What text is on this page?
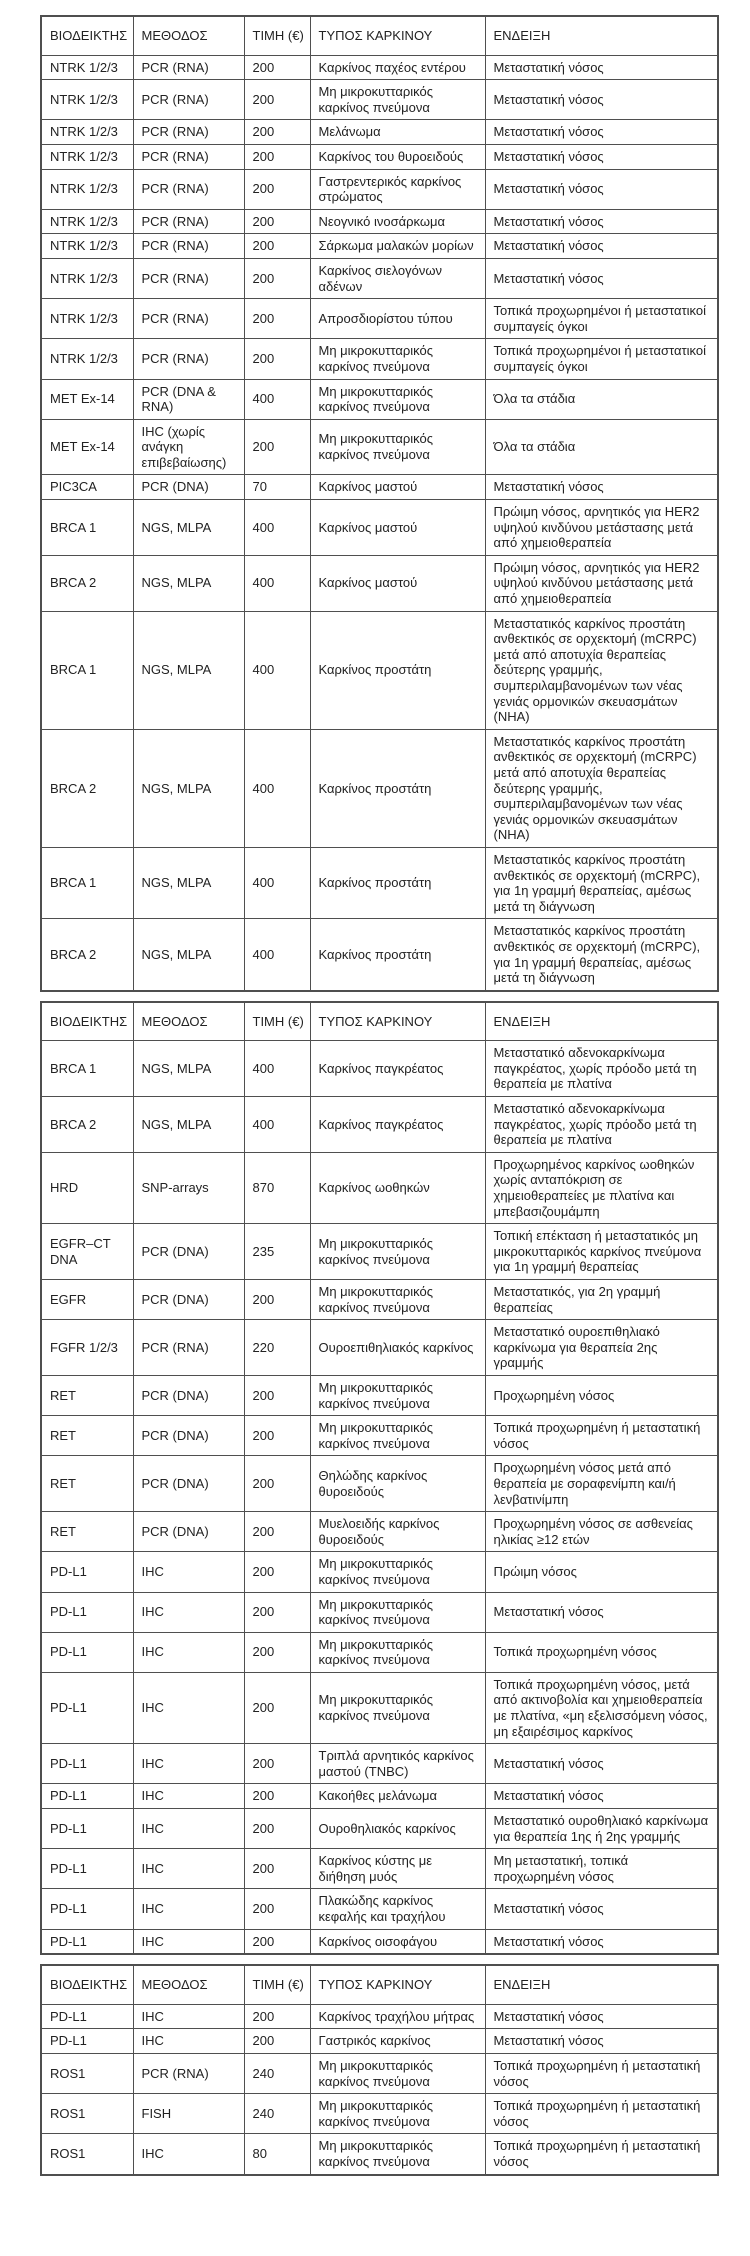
ΒΙΟΔΕΙΚΤΗΣ	ΜΕΘΟΔΟΣ	ΤΙΜΗ (€)	ΤΥΠΟΣ ΚΑΡΚΙΝΟΥ	ΕΝΔΕΙΞΗ
NTRK 1/2/3	PCR (RNA)	200	Καρκίνος παχέος εντέρου	Μεταστατική νόσος
NTRK 1/2/3	PCR (RNA)	200	Μη μικροκυτταρικός καρκίνος πνεύμονα	Μεταστατική νόσος
NTRK 1/2/3	PCR (RNA)	200	Μελάνωμα	Μεταστατική νόσος
NTRK 1/2/3	PCR (RNA)	200	Καρκίνος του θυροειδούς	Μεταστατική νόσος
NTRK 1/2/3	PCR (RNA)	200	Γαστρεντερικός καρκίνος στρώματος	Μεταστατική νόσος
NTRK 1/2/3	PCR (RNA)	200	Νεογνικό ινοσάρκωμα	Μεταστατική νόσος
NTRK 1/2/3	PCR (RNA)	200	Σάρκωμα μαλακών μορίων	Μεταστατική νόσος
NTRK 1/2/3	PCR (RNA)	200	Καρκίνος σιελογόνων αδένων	Μεταστατική νόσος
NTRK 1/2/3	PCR (RNA)	200	Απροσδιορίστου τύπου	Τοπικά προχωρημένοι ή μεταστατικοί συμπαγείς όγκοι
NTRK 1/2/3	PCR (RNA)	200	Μη μικροκυτταρικός καρκίνος πνεύμονα	Τοπικά προχωρημένοι ή μεταστατικοί συμπαγείς όγκοι
MET Ex-14	PCR (DNA & RNA)	400	Μη μικροκυτταρικός καρκίνος πνεύμονα	Όλα τα στάδια
MET Ex-14	IHC (χωρίς ανάγκη επιβεβαίωσης)	200	Μη μικροκυτταρικός καρκίνος πνεύμονα	Όλα τα στάδια
PIC3CA	PCR (DNA)	70	Καρκίνος μαστού	Μεταστατική νόσος
BRCA 1	NGS, MLPA	400	Καρκίνος μαστού	Πρώιμη νόσος, αρνητικός για HER2 υψηλού κινδύνου μετάστασης μετά από χημειοθεραπεία
BRCA 2	NGS, MLPA	400	Καρκίνος μαστού	Πρώιμη νόσος, αρνητικός για HER2 υψηλού κινδύνου μετάστασης μετά από χημειοθεραπεία
BRCA 1	NGS, MLPA	400	Καρκίνος προστάτη	Μεταστατικός καρκίνος προστάτη ανθεκτικός σε ορχεκτομή (mCRPC) μετά από αποτυχία θεραπείας δεύτερης γραμμής, συμπεριλαμβανομένων των νέας γενιάς ορμονικών σκευασμάτων (NHA)
BRCA 2	NGS, MLPA	400	Καρκίνος προστάτη	Μεταστατικός καρκίνος προστάτη ανθεκτικός σε ορχεκτομή (mCRPC) μετά από αποτυχία θεραπείας δεύτερης γραμμής, συμπεριλαμβανομένων των νέας γενιάς ορμονικών σκευασμάτων (NHA)
BRCA 1	NGS, MLPA	400	Καρκίνος προστάτη	Μεταστατικός καρκίνος προστάτη ανθεκτικός σε ορχεκτομή (mCRPC), για 1η γραμμή θεραπείας, αμέσως μετά τη διάγνωση
BRCA 2	NGS, MLPA	400	Καρκίνος προστάτη	Μεταστατικός καρκίνος προστάτη ανθεκτικός σε ορχεκτομή (mCRPC), για 1η γραμμή θεραπείας, αμέσως μετά τη διάγνωση
ΒΙΟΔΕΙΚΤΗΣ	ΜΕΘΟΔΟΣ	ΤΙΜΗ (€)	ΤΥΠΟΣ ΚΑΡΚΙΝΟΥ	ΕΝΔΕΙΞΗ
BRCA 1	NGS, MLPA	400	Καρκίνος παγκρέατος	Μεταστατικό αδενοκαρκίνωμα παγκρέατος, χωρίς πρόοδο μετά τη θεραπεία με πλατίνα
BRCA 2	NGS, MLPA	400	Καρκίνος παγκρέατος	Μεταστατικό αδενοκαρκίνωμα παγκρέατος, χωρίς πρόοδο μετά τη θεραπεία με πλατίνα
HRD	SNP-arrays	870	Καρκίνος ωοθηκών	Προχωρημένος καρκίνος ωοθηκών χωρίς ανταπόκριση σε χημειοθεραπείες με πλατίνα και μπεβασιζουμάμπη
EGFR–CT DNA	PCR (DNA)	235	Μη μικροκυτταρικός καρκίνος πνεύμονα	Τοπική επέκταση ή μεταστατικός μη μικροκυτταρικός καρκίνος πνεύμονα για 1η γραμμή θεραπείας
EGFR	PCR (DNA)	200	Μη μικροκυτταρικός καρκίνος πνεύμονα	Μεταστατικός, για 2η γραμμή θεραπείας
FGFR 1/2/3	PCR (RNA)	220	Ουροεπιθηλιακός καρκίνος	Μεταστατικό ουροεπιθηλιακό καρκίνωμα για θεραπεία 2ης γραμμής
RET	PCR (DNA)	200	Μη μικροκυτταρικός καρκίνος πνεύμονα	Προχωρημένη νόσος
RET	PCR (DNA)	200	Μη μικροκυτταρικός καρκίνος πνεύμονα	Τοπικά προχωρημένη ή μεταστατική νόσος
RET	PCR (DNA)	200	Θηλώδης καρκίνος θυροειδούς	Προχωρημένη νόσος μετά από θεραπεία με σοραφενίμπη και/ή λενβατινίμπη
RET	PCR (DNA)	200	Μυελοειδής καρκίνος θυροειδούς	Προχωρημένη νόσος σε ασθενείας ηλικίας ≥12 ετών
PD-L1	IHC	200	Μη μικροκυτταρικός καρκίνος πνεύμονα	Πρώιμη νόσος
PD-L1	IHC	200	Μη μικροκυτταρικός καρκίνος πνεύμονα	Μεταστατική νόσος
PD-L1	IHC	200	Μη μικροκυτταρικός καρκίνος πνεύμονα	Τοπικά προχωρημένη νόσος
PD-L1	IHC	200	Μη μικροκυτταρικός καρκίνος πνεύμονα	Τοπικά προχωρημένη νόσος, μετά από ακτινοβολία και χημειοθεραπεία με πλατίνα, «μη εξελισσόμενη νόσος, μη εξαιρέσιμος καρκίνος
PD-L1	IHC	200	Τριπλά αρνητικός καρκίνος μαστού (TNBC)	Μεταστατική νόσος
PD-L1	IHC	200	Κακοήθες μελάνωμα	Μεταστατική νόσος
PD-L1	IHC	200	Ουροθηλιακός καρκίνος	Μεταστατικό ουροθηλιακό καρκίνωμα για θεραπεία 1ης ή 2ης γραμμής
PD-L1	IHC	200	Καρκίνος κύστης με διήθηση μυός	Μη μεταστατική, τοπικά προχωρημένη νόσος
PD-L1	IHC	200	Πλακώδης καρκίνος κεφαλής και τραχήλου	Μεταστατική νόσος
PD-L1	IHC	200	Καρκίνος οισοφάγου	Μεταστατική νόσος
ΒΙΟΔΕΙΚΤΗΣ	ΜΕΘΟΔΟΣ	ΤΙΜΗ (€)	ΤΥΠΟΣ ΚΑΡΚΙΝΟΥ	ΕΝΔΕΙΞΗ
PD-L1	IHC	200	Καρκίνος τραχήλου μήτρας	Μεταστατική νόσος
PD-L1	IHC	200	Γαστρικός καρκίνος	Μεταστατική νόσος
ROS1	PCR (RNA)	240	Μη μικροκυτταρικός καρκίνος πνεύμονα	Τοπικά προχωρημένη ή μεταστατική νόσος
ROS1	FISH	240	Μη μικροκυτταρικός καρκίνος πνεύμονα	Τοπικά προχωρημένη ή μεταστατική νόσος
ROS1	IHC	80	Μη μικροκυτταρικός καρκίνος πνεύμονα	Τοπικά προχωρημένη ή μεταστατική νόσος
